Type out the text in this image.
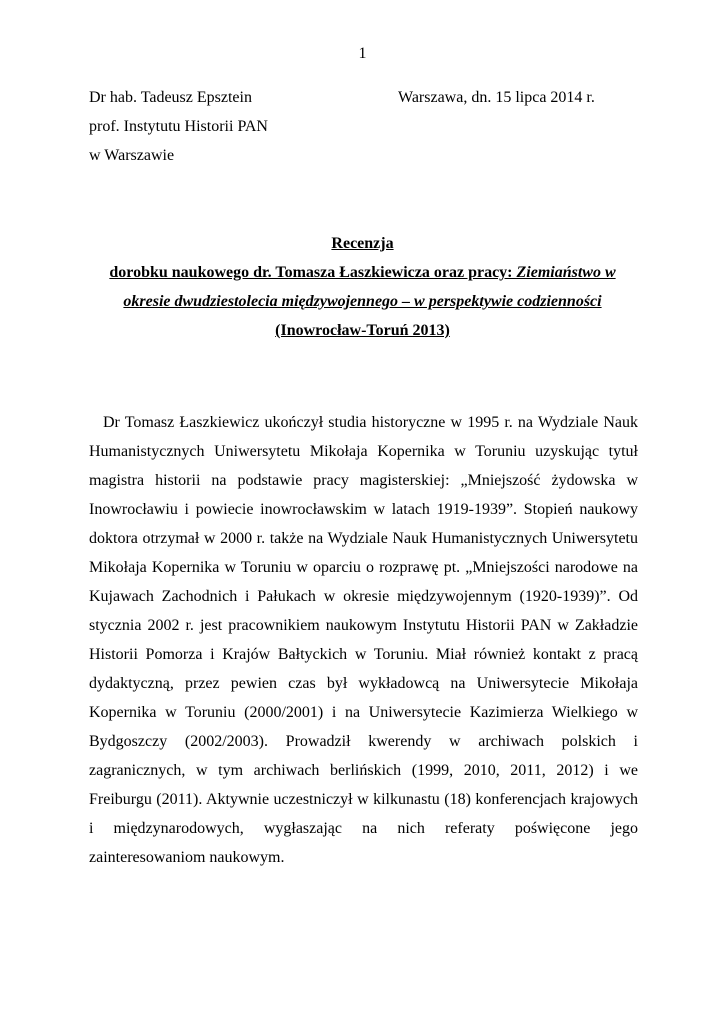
1
Dr hab. Tadeusz Epsztein
prof. Instytutu Historii PAN
w Warszawie
Warszawa, dn. 15 lipca 2014 r.
Recenzja
dorobku naukowego dr. Tomasza Łaszkiewicza oraz pracy: Ziemiaństwo w
okresie dwudziestolecia międzywojennego – w perspektywie codzienności
(Inowrocław-Toruń 2013)

Dr Tomasz Łaszkiewicz ukończył studia historyczne w 1995 r. na Wydziale Nauk Humanistycznych Uniwersytetu Mikołaja Kopernika w Toruniu uzyskując tytuł magistra historii na podstawie pracy magisterskiej: „Mniejszość żydowska w Inowrocławiu i powiecie inowrocławskim w latach 1919-1939”. Stopień naukowy doktora otrzymał w 2000 r. także na Wydziale Nauk Humanistycznych Uniwersytetu Mikołaja Kopernika w Toruniu w oparciu o rozprawę pt. „Mniejszości narodowe na Kujawach Zachodnich i Pałukach w okresie międzywojennym (1920-1939)”. Od stycznia 2002 r. jest pracownikiem naukowym Instytutu Historii PAN w Zakładzie Historii Pomorza i Krajów Bałtyckich w Toruniu. Miał również kontakt z pracą dydaktyczną, przez pewien czas był wykładowcą na Uniwersytecie Mikołaja Kopernika w Toruniu (2000/2001) i na Uniwersytecie Kazimierza Wielkiego w Bydgoszczy (2002/2003). Prowadził kwerendy w archiwach polskich i zagranicznych, w tym archiwach berlińskich (1999, 2010, 2011, 2012) i we Freiburgu (2011). Aktywnie uczestniczył w kilkunastu (18) konferencjach krajowych i międzynarodowych, wygłaszając na nich referaty poświęcone jego zainteresowaniom naukowym.
